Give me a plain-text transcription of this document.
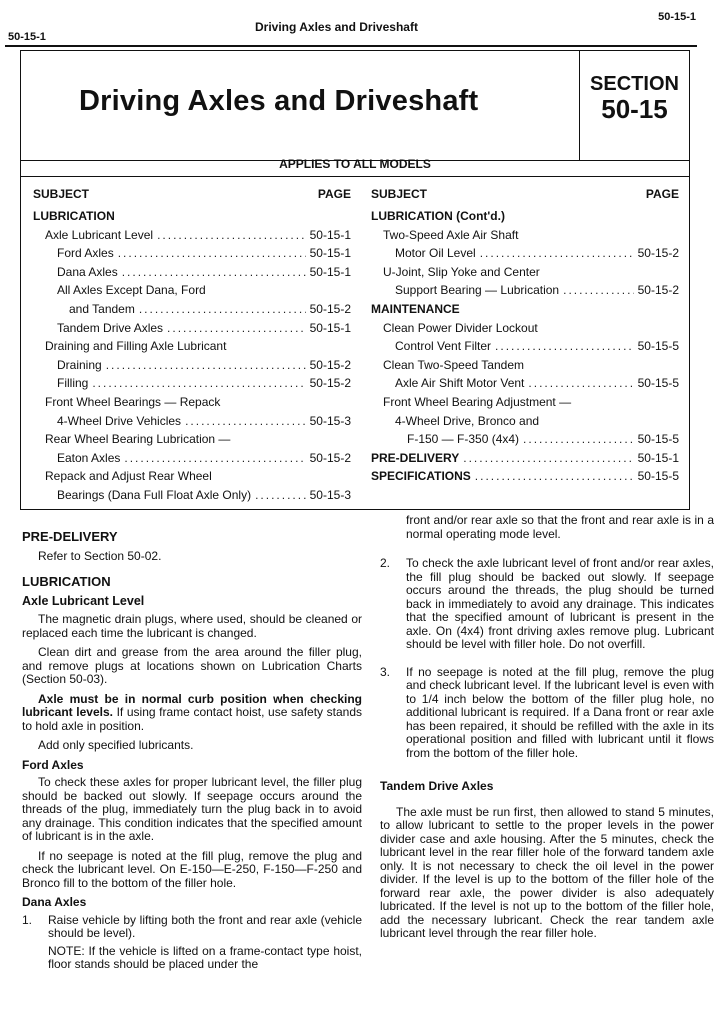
50-15-1
Driving Axles and Driveshaft
50-15-1
Driving Axles and Driveshaft
SECTION
50-15
APPLIES TO ALL MODELS
SUBJECT	PAGE
LUBRICATION
Axle Lubricant Level .....	50-15-1
Ford Axles .....	50-15-1
Dana Axles .....	50-15-1
All Axles Except Dana, Ford
and Tandem .....	50-15-2
Tandem Drive Axles .....	50-15-1
Draining and Filling Axle Lubricant
Draining .....	50-15-2
Filling .....	50-15-2
Front Wheel Bearings — Repack
4-Wheel Drive Vehicles .....	50-15-3
Rear Wheel Bearing Lubrication —
Eaton Axles .....	50-15-2
Repack and Adjust Rear Wheel
Bearings (Dana Full Float Axle Only) .....	50-15-3
SUBJECT	PAGE
LUBRICATION (Cont'd.)
Two-Speed Axle Air Shaft
Motor Oil Level .....	50-15-2
U-Joint, Slip Yoke and Center
Support Bearing — Lubrication .....	50-15-2
MAINTENANCE
Clean Power Divider Lockout
Control Vent Filter .....	50-15-5
Clean Two-Speed Tandem
Axle Air Shift Motor Vent .....	50-15-5
Front Wheel Bearing Adjustment —
4-Wheel Drive, Bronco and
F-150 — F-350 (4x4) .....	50-15-5
PRE-DELIVERY .....	50-15-1
SPECIFICATIONS .....	50-15-5
PRE-DELIVERY

Refer to Section 50-02.

LUBRICATION
Axle Lubricant Level

The magnetic drain plugs, where used, should be cleaned or replaced each time the lubricant is changed.

Clean dirt and grease from the area around the filler plug, and remove plugs at locations shown on Lubrication Charts (Section 50-03).

Axle must be in normal curb position when checking lubricant levels. If using frame contact hoist, use safety stands to hold axle in position.

Add only specified lubricants.

Ford Axles

To check these axles for proper lubricant level, the filler plug should be backed out slowly. If seepage occurs around the threads of the plug, immediately turn the plug back in to avoid any drainage. This condition indicates that the specified amount of lubricant is in the axle.

If no seepage is noted at the fill plug, remove the plug and check the lubricant level. On E-150—E-250, F-150—F-250 and Bronco fill to the bottom of the filler hole.

Dana Axles
1.	Raise vehicle by lifting both the front and rear axle (vehicle should be level).

NOTE: If the vehicle is lifted on a frame-contact type hoist, floor stands should be placed under the

front and/or rear axle so that the front and rear axle is in a normal operating mode level.

2.	To check the axle lubricant level of front and/or rear axles, the fill plug should be backed out slowly. If seepage occurs around the threads, the plug should be turned back in immediately to avoid any drainage. This indicates that the specified amount of lubricant is present in the axle. On (4x4) front driving axles remove plug. Lubricant should be level with filler hole. Do not overfill.
3.	If no seepage is noted at the fill plug, remove the plug and check lubricant level. If the lubricant level is even with to 1/4 inch below the bottom of the filler plug hole, no additional lubricant is required. If a Dana front or rear axle has been repaired, it should be refilled with the axle in its operational position and filled with lubricant until it flows from the bottom of the filler hole.
Tandem Drive Axles

The axle must be run first, then allowed to stand 5 minutes, to allow lubricant to settle to the proper levels in the power divider case and axle housing. After the 5 minutes, check the lubricant level in the rear filler hole of the forward tandem axle only. It is not necessary to check the oil level in the power divider. If the level is up to the bottom of the filler hole of the forward rear axle, the power divider is also adequately lubricated. If the level is not up to the bottom of the filler hole, add the necessary lubricant. Check the rear tandem axle lubricant level through the rear filler hole.
